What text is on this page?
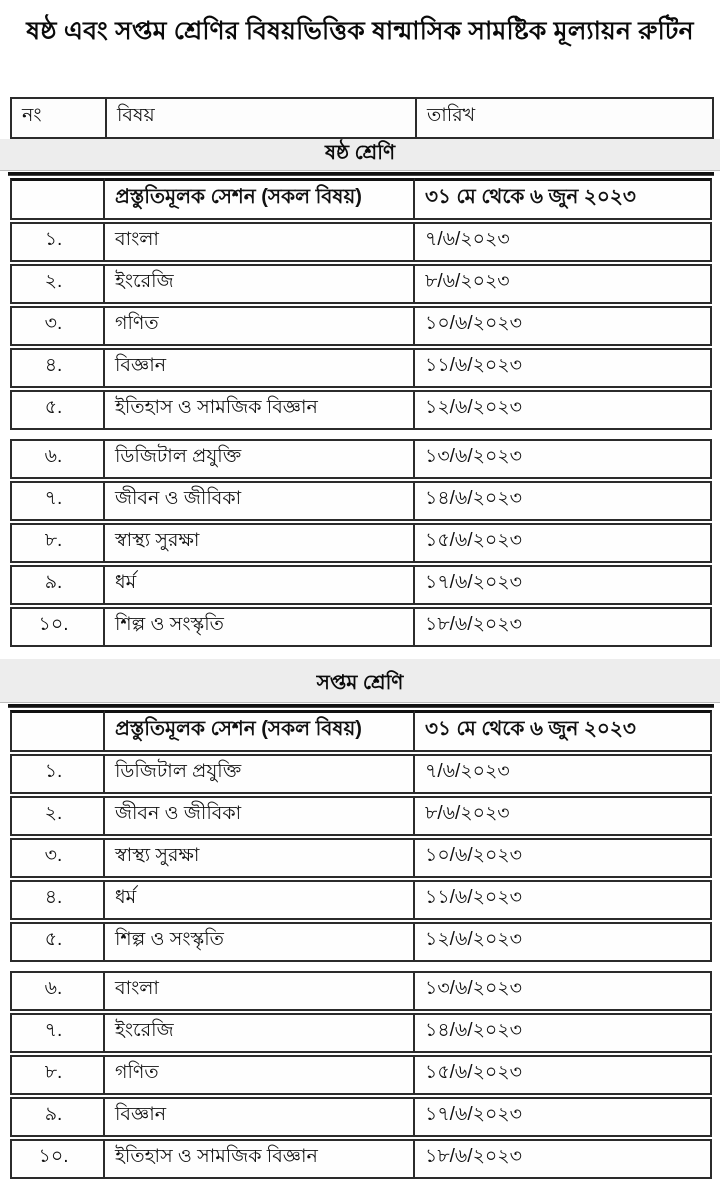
ষষ্ঠ এবং সপ্তম শ্রেণির বিষয়ভিত্তিক ষান্মাসিক সামষ্টিক মূল্যায়ন রুটিন
নং	বিষয়	তারিখ
ষষ্ঠ শ্রেণি
	প্রস্তুতিমূলক সেশন (সকল বিষয়)	৩১ মে থেকে ৬ জুন ২০২৩
১.	বাংলা	৭/৬/২০২৩
২.	ইংরেজি	৮/৬/২০২৩
৩.	গণিত	১০/৬/২০২৩
৪.	বিজ্ঞান	১১/৬/২০২৩
৫.	ইতিহাস ও সামজিক বিজ্ঞান	১২/৬/২০২৩

৬.	ডিজিটাল প্রযুক্তি	১৩/৬/২০২৩
৭.	জীবন ও জীবিকা	১৪/৬/২০২৩
৮.	স্বাস্থ্য সুরক্ষা	১৫/৬/২০২৩
৯.	ধর্ম	১৭/৬/২০২৩
১০.	শিল্প ও সংস্কৃতি	১৮/৬/২০২৩
সপ্তম শ্রেণি
	প্রস্তুতিমূলক সেশন (সকল বিষয়)	৩১ মে থেকে ৬ জুন ২০২৩
১.	ডিজিটাল প্রযুক্তি	৭/৬/২০২৩
২.	জীবন ও জীবিকা	৮/৬/২০২৩
৩.	স্বাস্থ্য সুরক্ষা	১০/৬/২০২৩
৪.	ধর্ম	১১/৬/২০২৩
৫.	শিল্প ও সংস্কৃতি	১২/৬/২০২৩

৬.	বাংলা	১৩/৬/২০২৩
৭.	ইংরেজি	১৪/৬/২০২৩
৮.	গণিত	১৫/৬/২০২৩
৯.	বিজ্ঞান	১৭/৬/২০২৩
১০.	ইতিহাস ও সামজিক বিজ্ঞান	১৮/৬/২০২৩
